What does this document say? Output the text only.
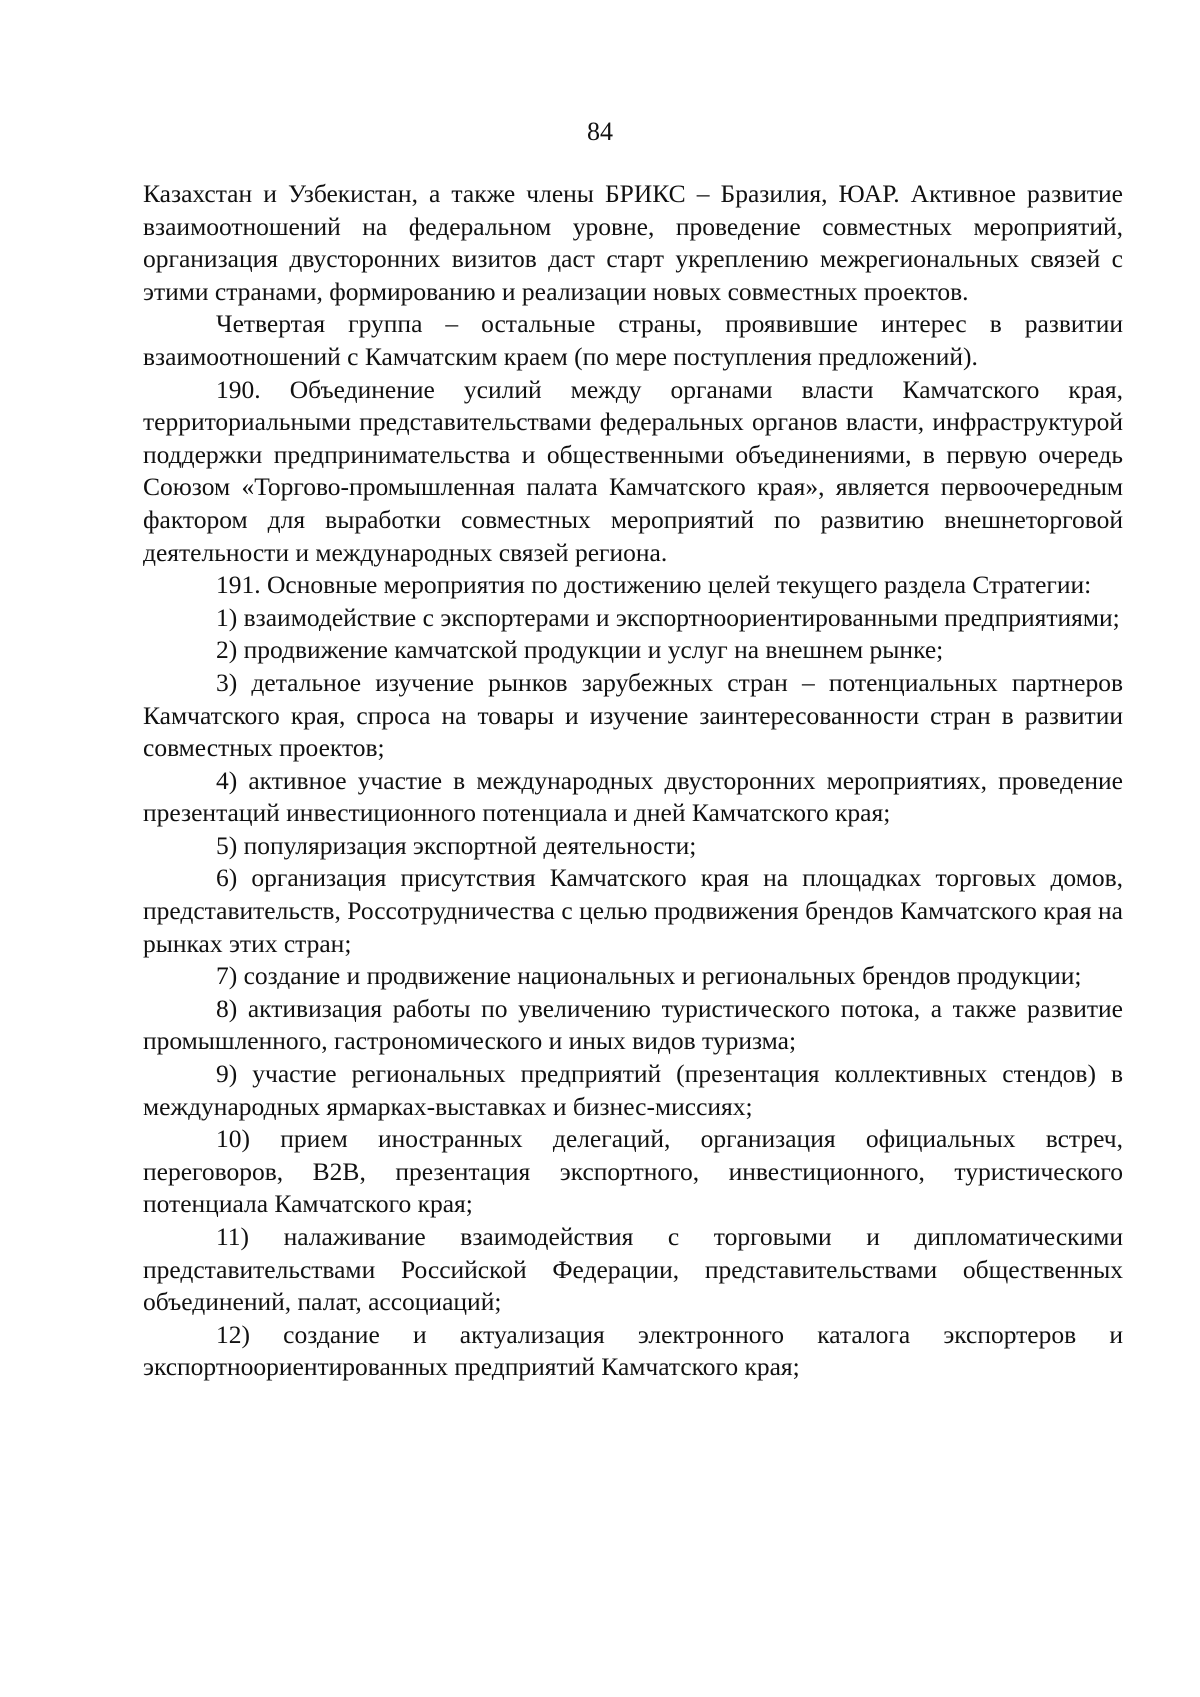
84

Казахстан и Узбекистан, а также члены БРИКС – Бразилия, ЮАР. Активное развитие взаимоотношений на федеральном уровне, проведение совместных мероприятий, организация двусторонних визитов даст старт укреплению межрегиональных связей с этими странами, формированию и реализации новых совместных проектов.

Четвертая группа – остальные страны, проявившие интерес в развитии взаимоотношений с Камчатским краем (по мере поступления предложений).

190. Объединение усилий между органами власти Камчатского края, территориальными представительствами федеральных органов власти, инфраструктурой поддержки предпринимательства и общественными объединениями, в первую очередь Союзом «Торгово-промышленная палата Камчатского края», является первоочередным фактором для выработки совместных мероприятий по развитию внешнеторговой деятельности и международных связей региона.

191. Основные мероприятия по достижению целей текущего раздела Стратегии:

1) взаимодействие с экспортерами и экспортноориентированными предприятиями;

2) продвижение камчатской продукции и услуг на внешнем рынке;

3) детальное изучение рынков зарубежных стран – потенциальных партнеров Камчатского края, спроса на товары и изучение заинтересованности стран в развитии совместных проектов;

4) активное участие в международных двусторонних мероприятиях, проведение презентаций инвестиционного потенциала и дней Камчатского края;

5) популяризация экспортной деятельности;

6) организация присутствия Камчатского края на площадках торговых домов, представительств, Россотрудничества с целью продвижения брендов Камчатского края на рынках этих стран;

7) создание и продвижение национальных и региональных брендов продукции;

8) активизация работы по увеличению туристического потока, а также развитие промышленного, гастрономического и иных видов туризма;

9) участие региональных предприятий (презентация коллективных стендов) в международных ярмарках-выставках и бизнес-миссиях;

10) прием иностранных делегаций, организация официальных встреч, переговоров, B2B, презентация экспортного, инвестиционного, туристического потенциала Камчатского края;

11) налаживание взаимодействия с торговыми и дипломатическими представительствами Российской Федерации, представительствами общественных объединений, палат, ассоциаций;

12) создание и актуализация электронного каталога экспортеров и экспортноориентированных предприятий Камчатского края;
